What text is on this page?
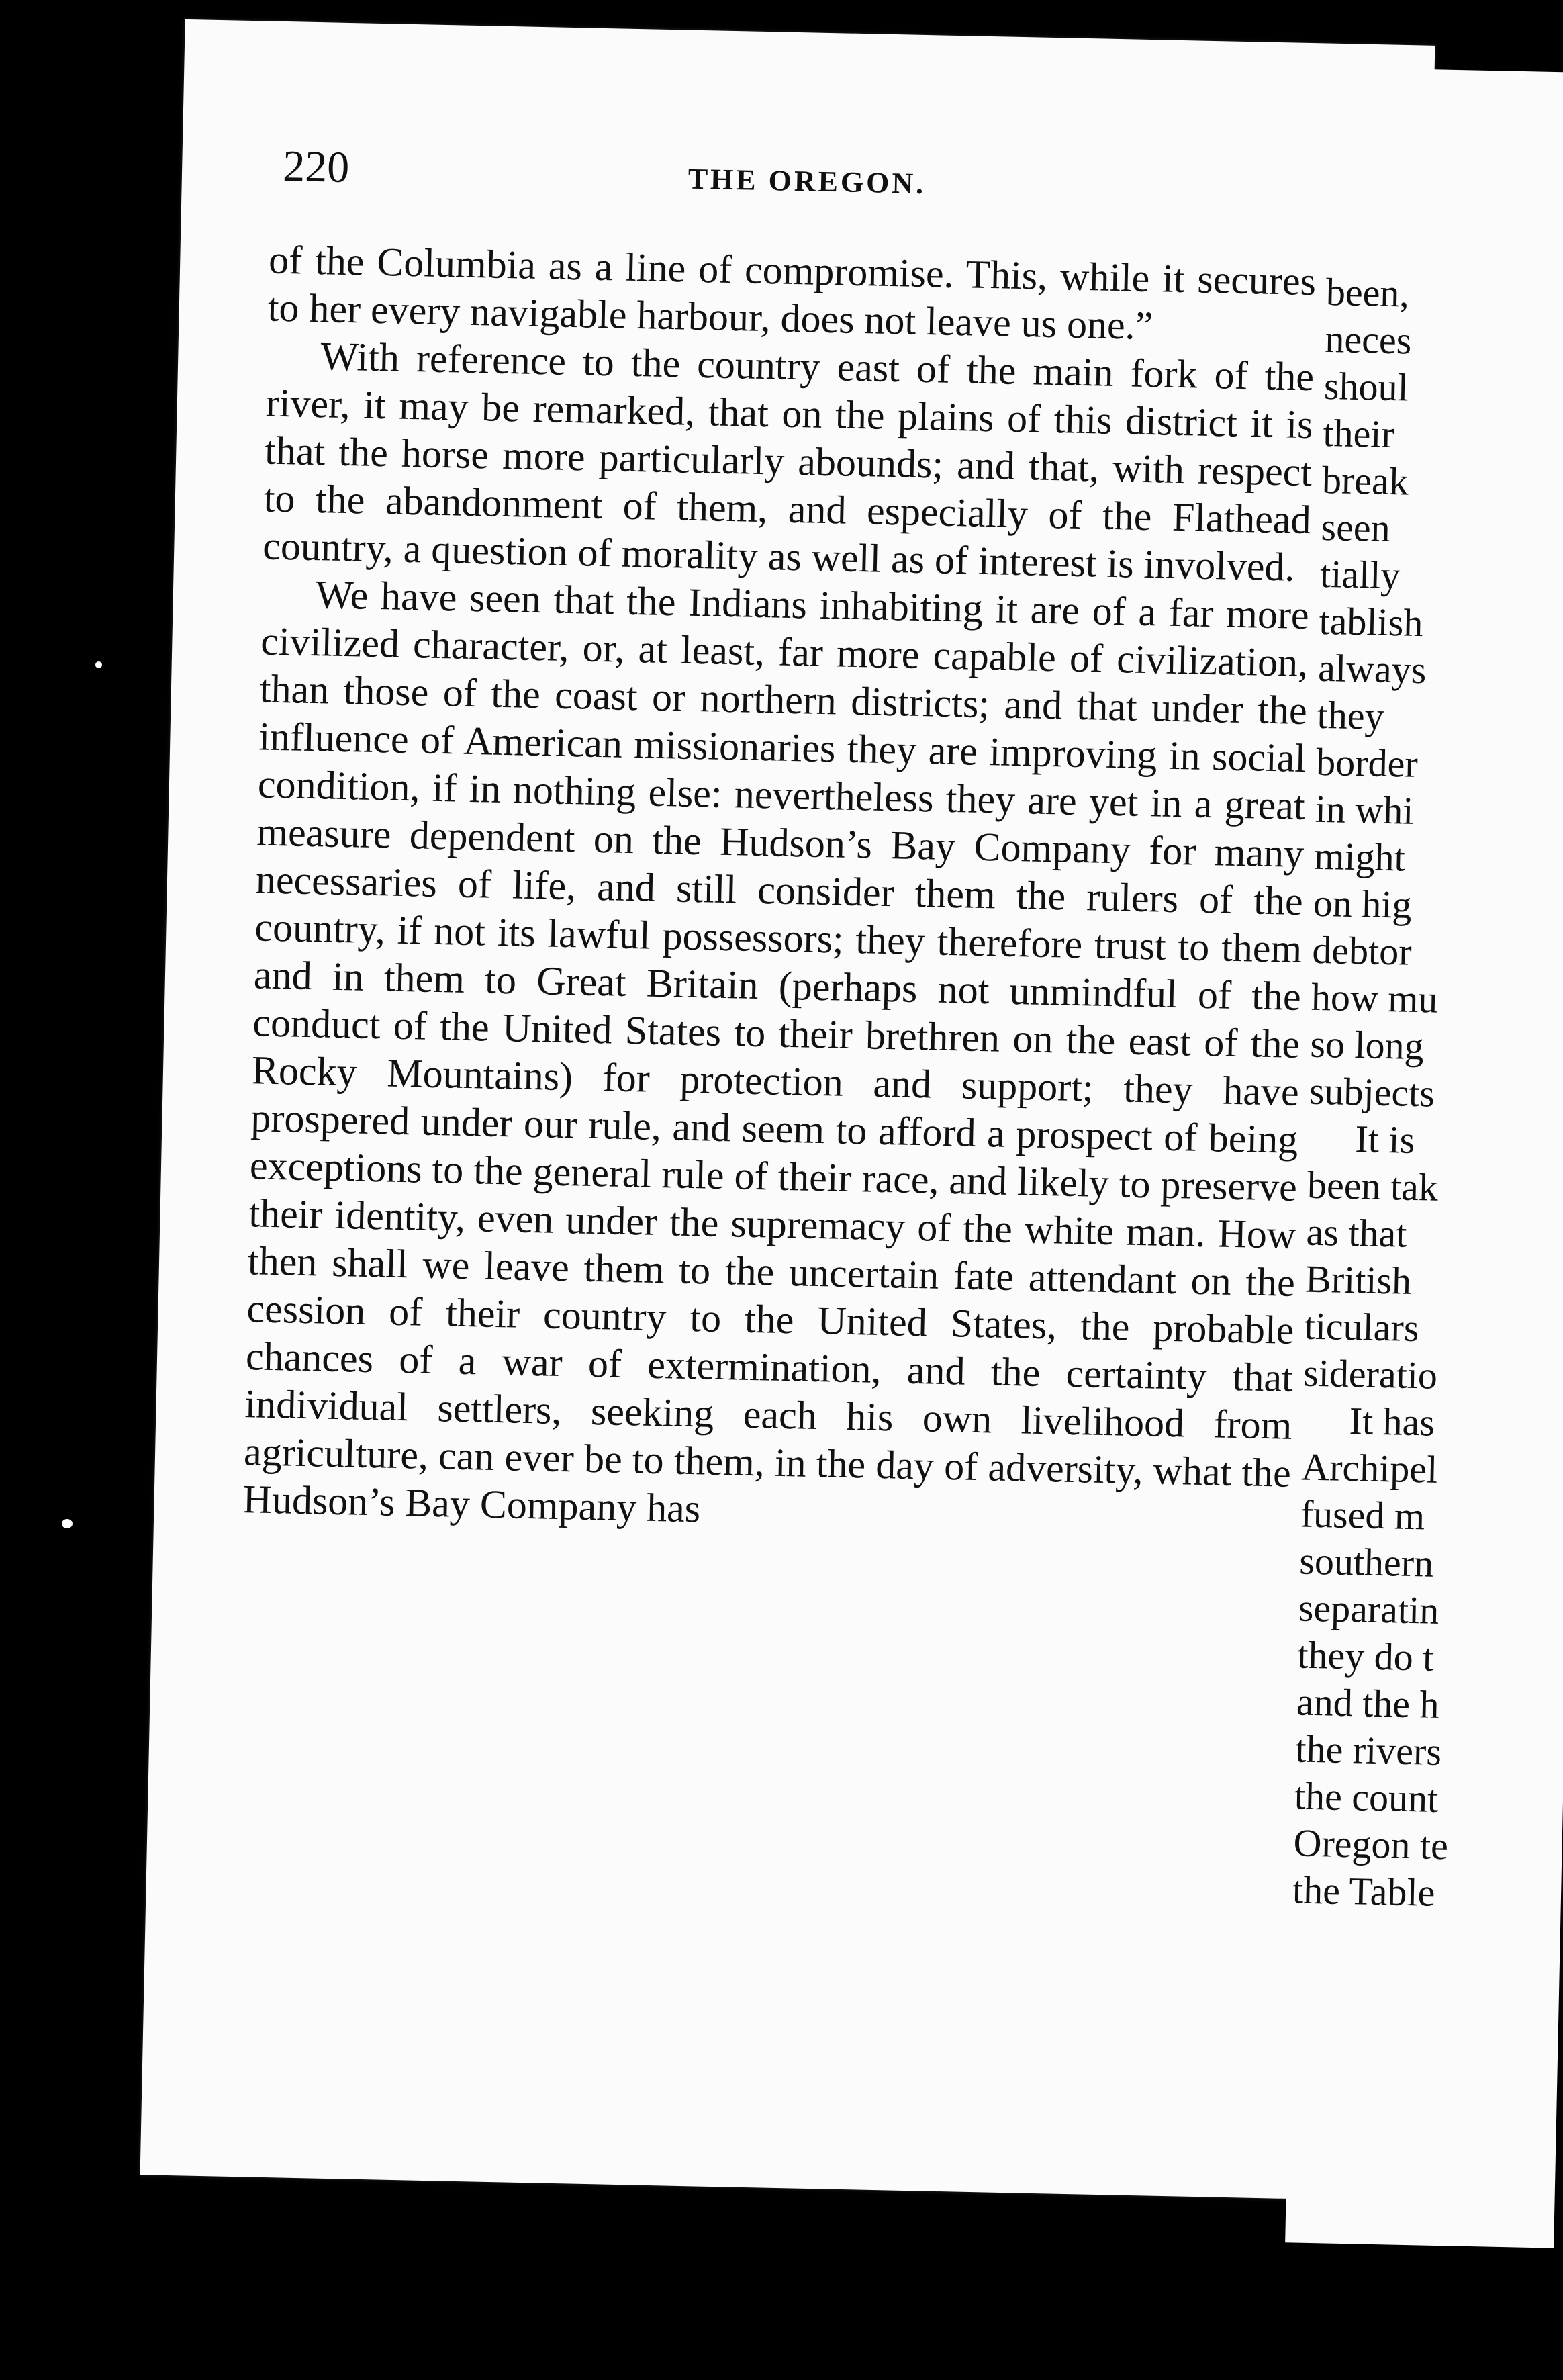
220	THE OREGON.

of the Columbia as a line of compromise. This, while it secures to her every navigable harbour, does not leave us one.”

With reference to the country east of the main fork of the river, it may be remarked, that on the plains of this district it is that the horse more particularly abounds; and that, with respect to the abandonment of them, and especially of the Flathead country, a question of morality as well as of interest is involved.

We have seen that the Indians inhabiting it are of a far more civilized character, or, at least, far more capable of civilization, than those of the coast or northern districts; and that under the influence of American missionaries they are improving in social condition, if in nothing else: nevertheless they are yet in a great measure dependent on the Hudson’s Bay Company for many necessaries of life, and still consider them the rulers of the country, if not its lawful possessors; they therefore trust to them and in them to Great Britain (perhaps not unmindful of the conduct of the United States to their brethren on the east of the Rocky Mountains) for protection and support; they have prospered under our rule, and seem to afford a prospect of being exceptions to the general rule of their race, and likely to preserve their identity, even under the supremacy of the white man. How then shall we leave them to the uncertain fate attendant on the cession of their country to the United States, the probable chances of a war of extermination, and the certainty that individual settlers, seeking each his own livelihood from agriculture, can ever be to them, in the day of adversity, what the Hudson’s Bay Company has

been,
neces
shoul
their
break
seen
tially
tablish
always
they
border
in whi
might
on hig
debtor
how mu
so long
subjects
It is
been tak
as that
British
ticulars
sideratio
It has
Archipel
fused m
southern
separatin
they do t
and the h
the rivers
the count
Oregon te
the Table
